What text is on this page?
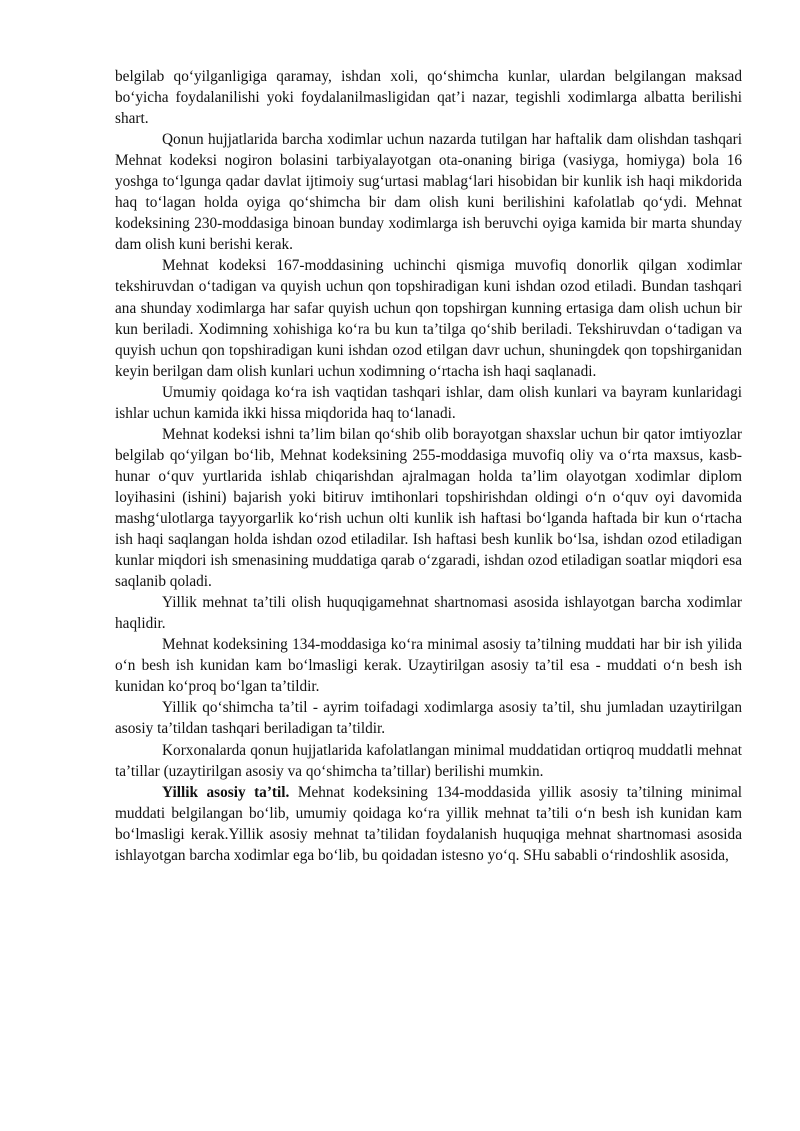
belgilab qo‘yilganligiga qaramay, ishdan xoli, qo‘shimcha kunlar, ulardan belgilangan maksad bo‘yicha foydalanilishi yoki foydalanilmasligidan qat’i nazar, tegishli xodimlarga albatta berilishi shart.

Qonun hujjatlarida barcha xodimlar uchun nazarda tutilgan har haftalik dam olishdan tashqari Mehnat kodeksi nogiron bolasini tarbiyalayotgan ota-onaning biriga (vasiyga, homiyga) bola 16 yoshga to‘lgunga qadar davlat ijtimoiy sug‘urtasi mablag‘lari hisobidan bir kunlik ish haqi mikdorida haq to‘lagan holda oyiga qo‘shimcha bir dam olish kuni berilishini kafolatlab qo‘ydi. Mehnat kodeksining 230-moddasiga binoan bunday xodimlarga ish beruvchi oyiga kamida bir marta shunday dam olish kuni berishi kerak.

Mehnat kodeksi 167-moddasining uchinchi qismiga muvofiq donorlik qilgan xodimlar tekshiruvdan o‘tadigan va quyish uchun qon topshiradigan kuni ishdan ozod etiladi. Bundan tashqari ana shunday xodimlarga har safar quyish uchun qon topshirgan kunning ertasiga dam olish uchun bir kun beriladi. Xodimning xohishiga ko‘ra bu kun ta’tilga qo‘shib beriladi. Tekshiruvdan o‘tadigan va quyish uchun qon topshiradigan kuni ishdan ozod etilgan davr uchun, shuningdek qon topshirganidan keyin berilgan dam olish kunlari uchun xodimning o‘rtacha ish haqi saqlanadi.

Umumiy qoidaga ko‘ra ish vaqtidan tashqari ishlar, dam olish kunlari va bayram kunlaridagi ishlar uchun kamida ikki hissa miqdorida haq to‘lanadi.

Mehnat kodeksi ishni ta’lim bilan qo‘shib olib borayotgan shaxslar uchun bir qator imtiyozlar belgilab qo‘yilgan bo‘lib, Mehnat kodeksining 255-moddasiga muvofiq oliy va o‘rta maxsus, kasb-hunar o‘quv yurtlarida ishlab chiqarishdan ajralmagan holda ta’lim olayotgan xodimlar diplom loyihasini (ishini) bajarish yoki bitiruv imtihonlari topshirishdan oldingi o‘n o‘quv oyi davomida mashg‘ulotlarga tayyorgarlik ko‘rish uchun olti kunlik ish haftasi bo‘lganda haftada bir kun o‘rtacha ish haqi saqlangan holda ishdan ozod etiladilar. Ish haftasi besh kunlik bo‘lsa, ishdan ozod etiladigan kunlar miqdori ish smenasining muddatiga qarab o‘zgaradi, ishdan ozod etiladigan soatlar miqdori esa saqlanib qoladi.

Yillik mehnat ta’tili olish huquqigamehnat shartnomasi asosida ishlayotgan barcha xodimlar haqlidir.

Mehnat kodeksining 134-moddasiga ko‘ra minimal asosiy ta’tilning muddati har bir ish yilida o‘n besh ish kunidan kam bo‘lmasligi kerak. Uzaytirilgan asosiy ta’til esa - muddati o‘n besh ish kunidan ko‘proq bo‘lgan ta’tildir.

Yillik qo‘shimcha ta’til - ayrim toifadagi xodimlarga asosiy ta’til, shu jumladan uzaytirilgan asosiy ta’tildan tashqari beriladigan ta’tildir.

Korxonalarda qonun hujjatlarida kafolatlangan minimal muddatidan ortiqroq muddatli mehnat ta’tillar (uzaytirilgan asosiy va qo‘shimcha ta’tillar) berilishi mumkin.

Yillik asosiy ta’til. Mehnat kodeksining 134-moddasida yillik asosiy ta’tilning minimal muddati belgilangan bo‘lib, umumiy qoidaga ko‘ra yillik mehnat ta’tili o‘n besh ish kunidan kam bo‘lmasligi kerak.Yillik asosiy mehnat ta’tilidan foydalanish huquqiga mehnat shartnomasi asosida ishlayotgan barcha xodimlar ega bo‘lib, bu qoidadan istesno yo‘q. SHu sababli o‘rindoshlik asosida,
